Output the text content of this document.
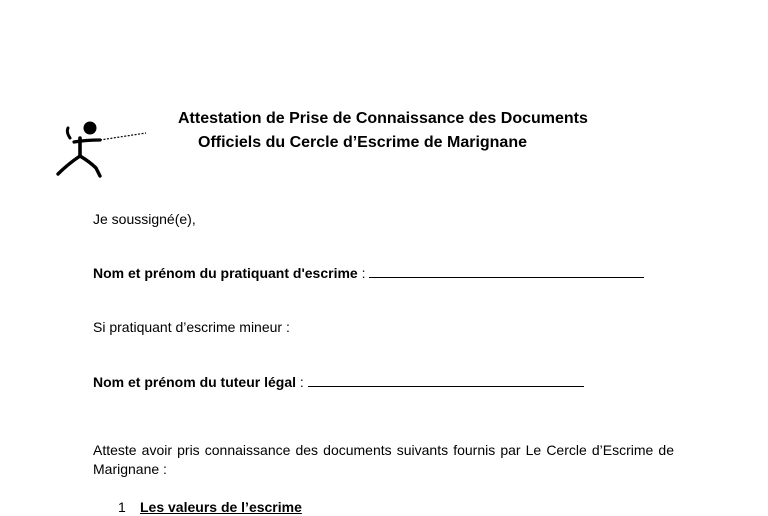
Attestation de Prise de Connaissance des Documents
Officiels du Cercle d’Escrime de Marignane
Je soussigné(e),
Nom et prénom du pratiquant d'escrime :
Si pratiquant d’escrime mineur :
Nom et prénom du tuteur légal :
Atteste avoir pris connaissance des documents suivants fournis par Le Cercle d’Escrime de Marignane :
1 Les valeurs de l’escrime
